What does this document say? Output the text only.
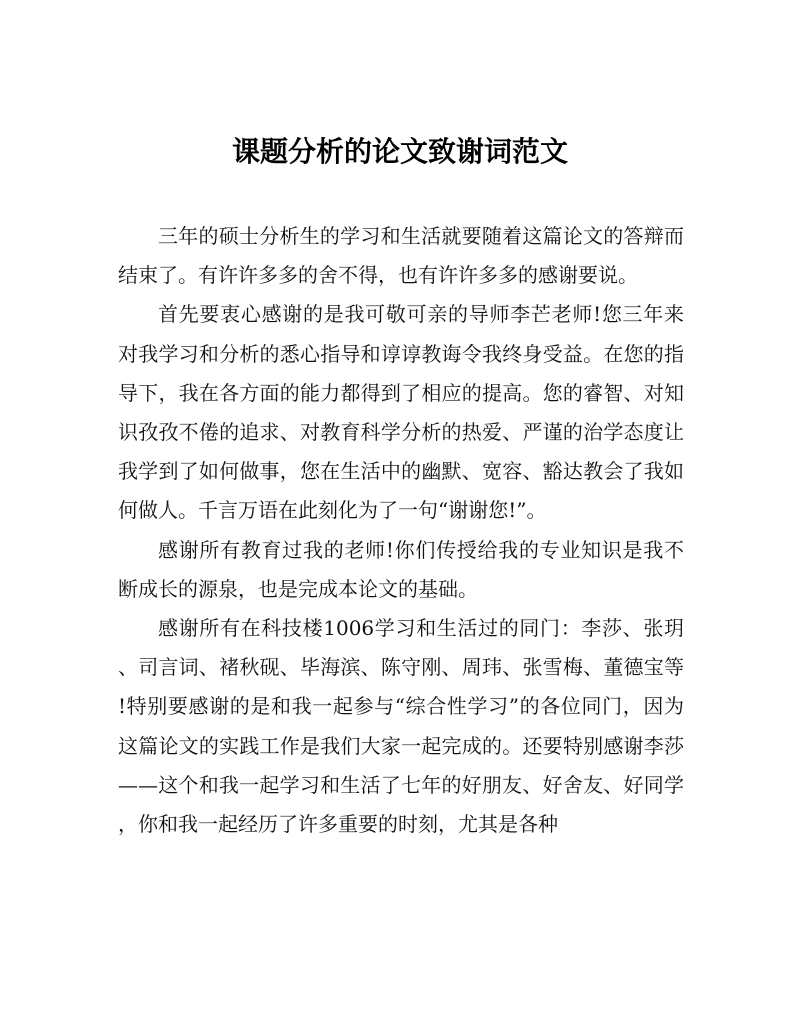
课题分析的论文致谢词范文

三年的硕士分析生的学习和生活就要随着这篇论文的答辩而结束了。有许许多多的舍不得，也有许许多多的感谢要说。

首先要衷心感谢的是我可敬可亲的导师李芒老师!您三年来对我学习和分析的悉心指导和谆谆教诲令我终身受益。在您的指导下，我在各方面的能力都得到了相应的提高。您的睿智、对知识孜孜不倦的追求、对教育科学分析的热爱、严谨的治学态度让我学到了如何做事，您在生活中的幽默、宽容、豁达教会了我如何做人。千言万语在此刻化为了一句“谢谢您!”。

感谢所有教育过我的老师!你们传授给我的专业知识是我不断成长的源泉，也是完成本论文的基础。

感谢所有在科技楼1006学习和生活过的同门：李莎、张玥、司言词、褚秋砚、毕海滨、陈守刚、周玮、张雪梅、董德宝等!特别要感谢的是和我一起参与“综合性学习”的各位同门，因为这篇论文的实践工作是我们大家一起完成的。还要特别感谢李莎——这个和我一起学习和生活了七年的好朋友、好舍友、好同学，你和我一起经历了许多重要的时刻，尤其是各种
